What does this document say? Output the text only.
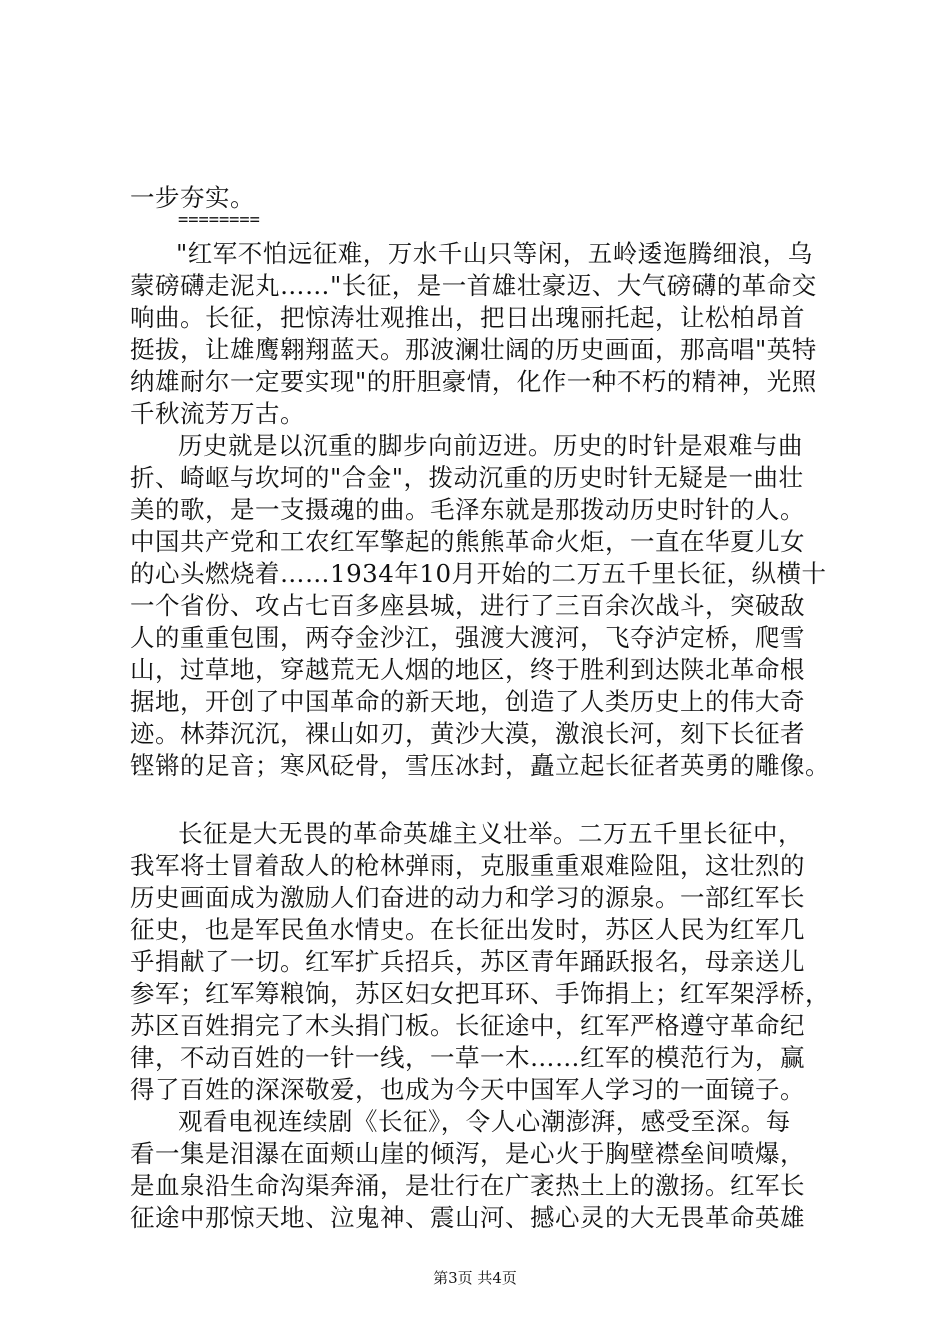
一步夯实。
========
"红军不怕远征难，万水千山只等闲，五岭逶迤腾细浪，乌
蒙磅礴走泥丸……"长征，是一首雄壮豪迈、大气磅礴的革命交
响曲。长征，把惊涛壮观推出，把日出瑰丽托起，让松柏昂首
挺拔，让雄鹰翱翔蓝天。那波澜壮阔的历史画面，那高唱"英特
纳雄耐尔一定要实现"的肝胆豪情，化作一种不朽的精神，光照
千秋流芳万古。
历史就是以沉重的脚步向前迈进。历史的时针是艰难与曲
折、崎岖与坎坷的"合金"，拨动沉重的历史时针无疑是一曲壮
美的歌，是一支摄魂的曲。毛泽东就是那拨动历史时针的人。
中国共产党和工农红军擎起的熊熊革命火炬，一直在华夏儿女
的心头燃烧着……1934年10月开始的二万五千里长征，纵横十
一个省份、攻占七百多座县城，进行了三百余次战斗，突破敌
人的重重包围，两夺金沙江，强渡大渡河，飞夺泸定桥，爬雪
山，过草地，穿越荒无人烟的地区，终于胜利到达陕北革命根
据地，开创了中国革命的新天地，创造了人类历史上的伟大奇
迹。林莽沉沉，裸山如刃，黄沙大漠，激浪长河，刻下长征者
铿锵的足音；寒风砭骨，雪压冰封，矗立起长征者英勇的雕像。
长征是大无畏的革命英雄主义壮举。二万五千里长征中，
我军将士冒着敌人的枪林弹雨，克服重重艰难险阻，这壮烈的
历史画面成为激励人们奋进的动力和学习的源泉。一部红军长
征史，也是军民鱼水情史。在长征出发时，苏区人民为红军几
乎捐献了一切。红军扩兵招兵，苏区青年踊跃报名，母亲送儿
参军；红军筹粮饷，苏区妇女把耳环、手饰捐上；红军架浮桥，
苏区百姓捐完了木头捐门板。长征途中，红军严格遵守革命纪
律，不动百姓的一针一线，一草一木……红军的模范行为，赢
得了百姓的深深敬爱，也成为今天中国军人学习的一面镜子。
观看电视连续剧《长征》，令人心潮澎湃，感受至深。每
看一集是泪瀑在面颊山崖的倾泻，是心火于胸壁襟垒间喷爆，
是血泉沿生命沟渠奔涌，是壮行在广袤热土上的激扬。红军长
征途中那惊天地、泣鬼神、震山河、撼心灵的大无畏革命英雄
第3页 共4页
